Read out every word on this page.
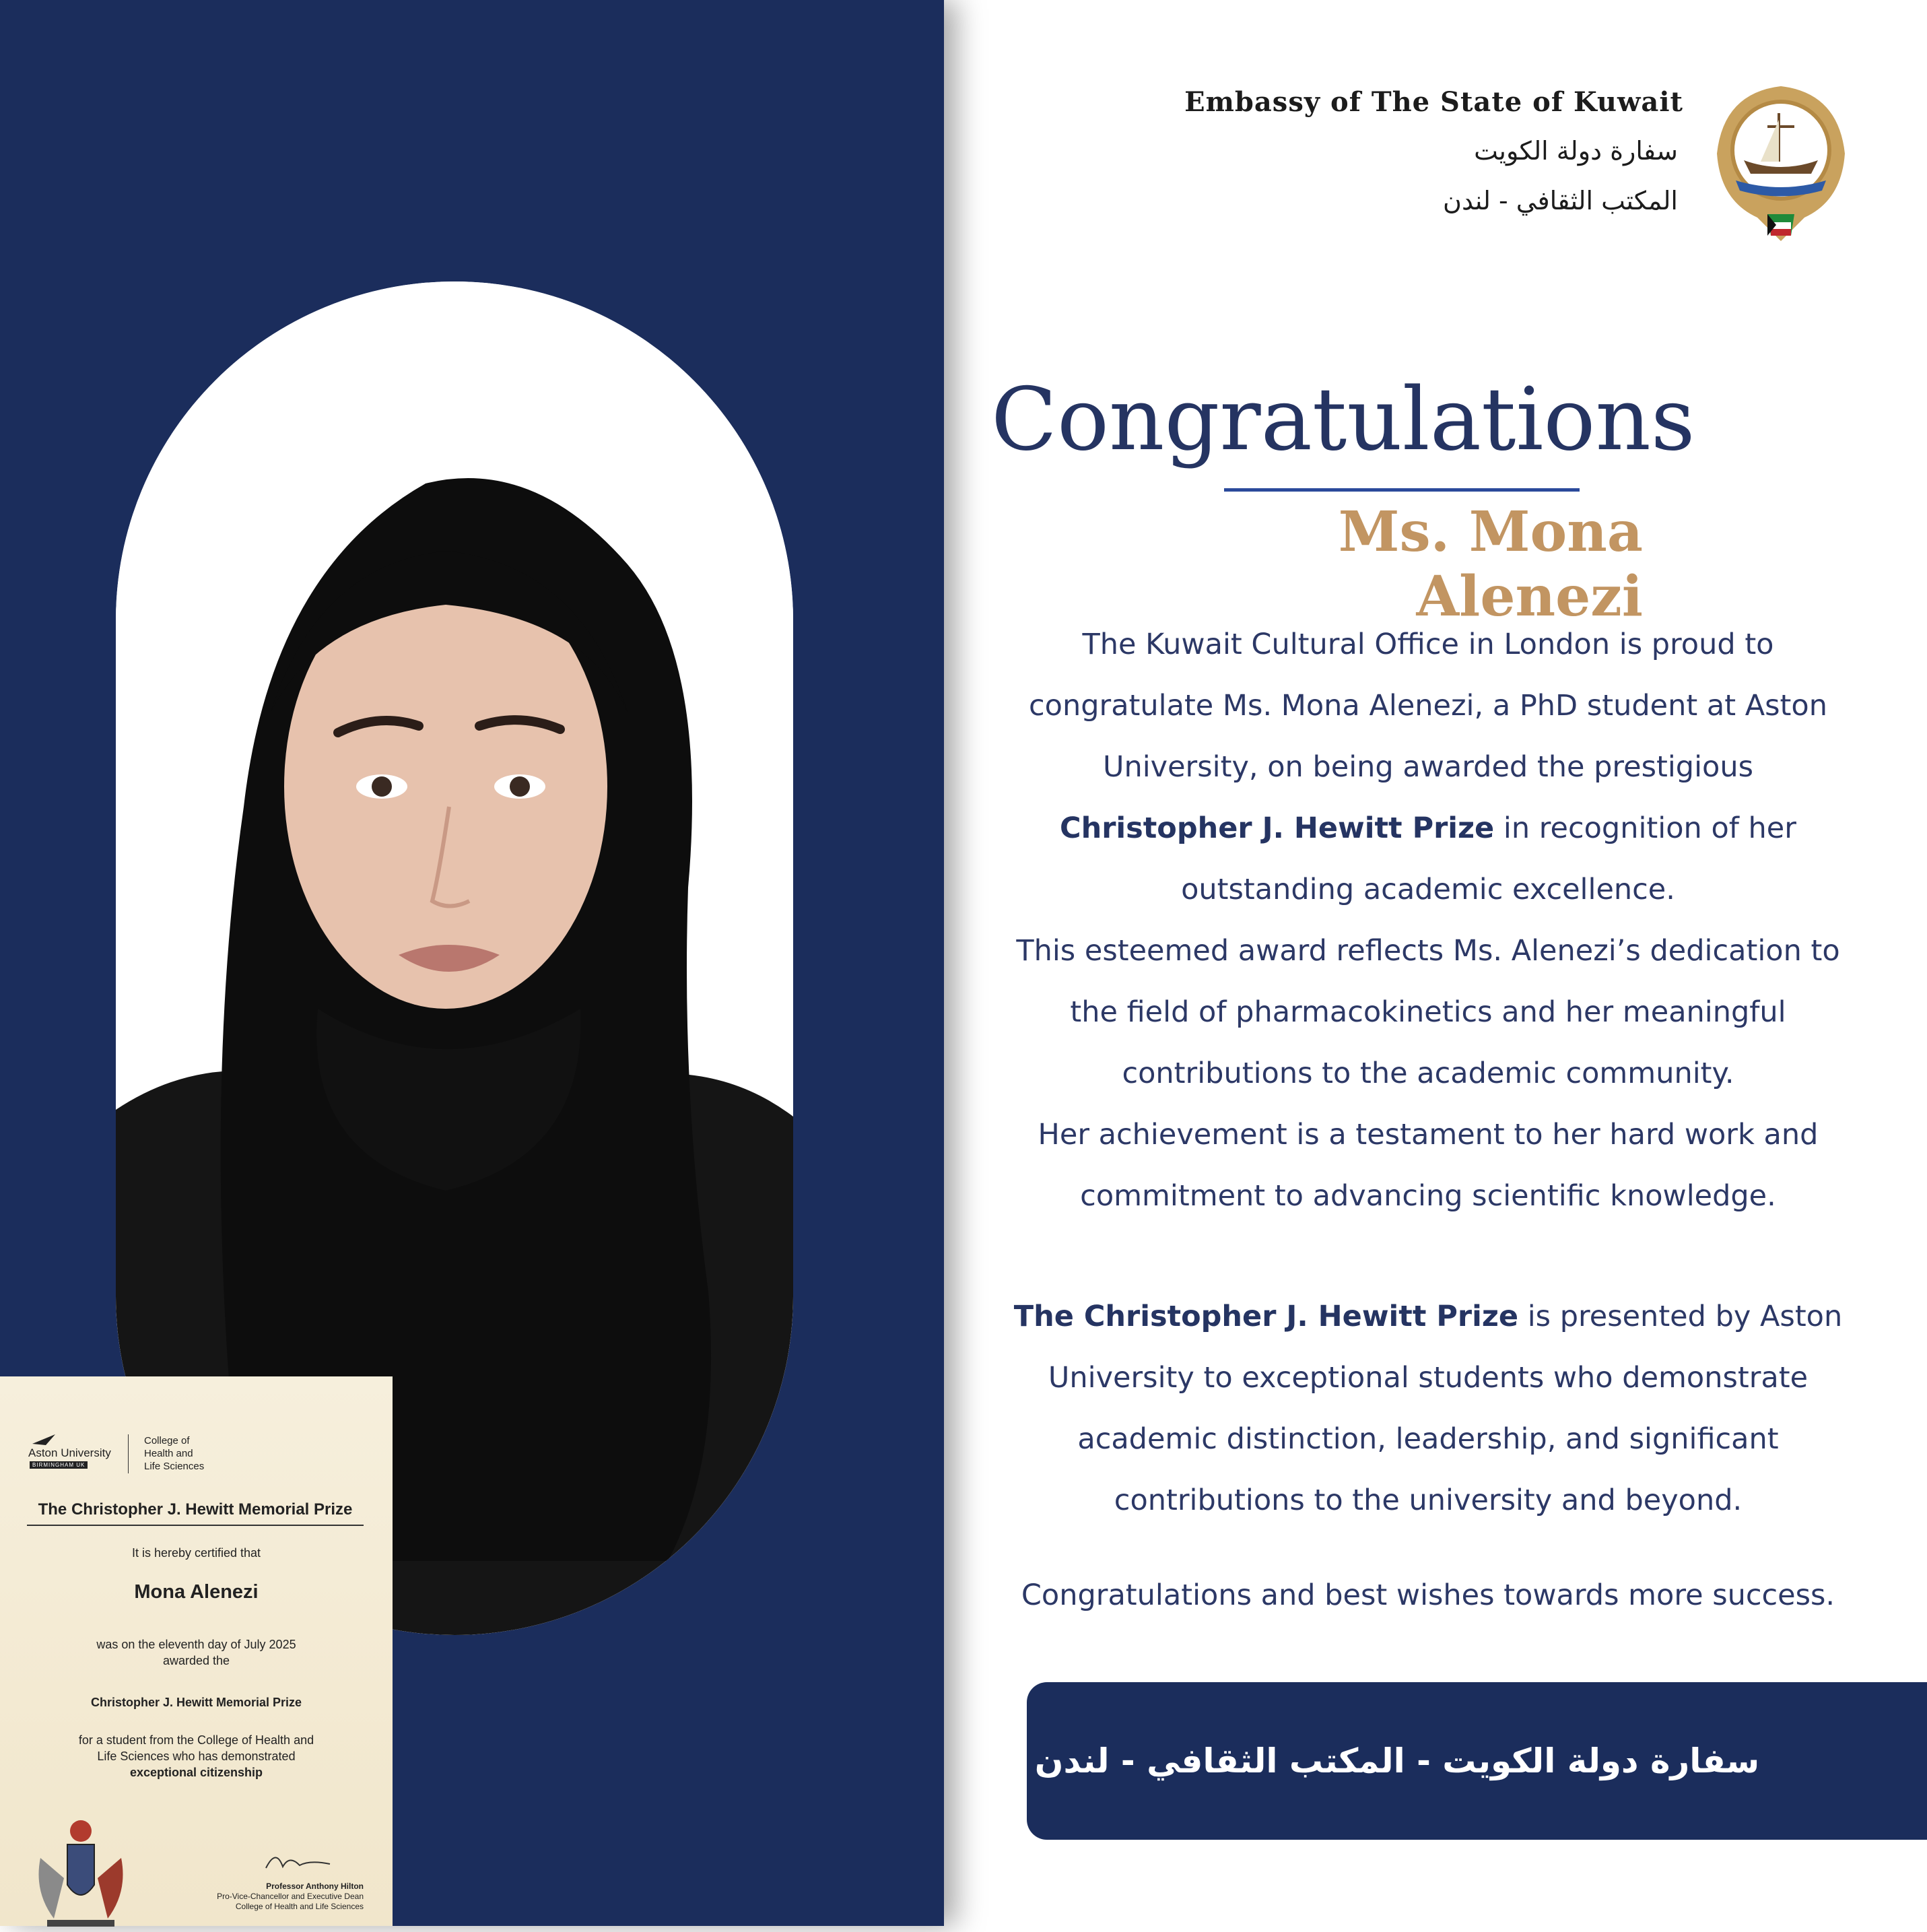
Aston University
BIRMINGHAM UK
College of
Health and
Life Sciences
The Christopher J. Hewitt Memorial Prize
It is hereby certified that
Mona Alenezi
was on the eleventh day of July 2025
awarded the
Christopher J. Hewitt Memorial Prize
for a student from the College of Health and
Life Sciences who has demonstrated
exceptional citizenship
Professor Anthony Hilton
Pro-Vice-Chancellor and Executive Dean
College of Health and Life Sciences
Embassy of The State of Kuwait
سفارة دولة الكويت
المكتب الثقافي - لندن
Congratulations
Ms. Mona Alenezi
The Kuwait Cultural Office in London is proud to
congratulate Ms. Mona Alenezi, a PhD student at Aston
University, on being awarded the prestigious
Christopher J. Hewitt Prize in recognition of her
outstanding academic excellence.
This esteemed award reflects Ms. Alenezi’s dedication to
the field of pharmacokinetics and her meaningful
contributions to the academic community.
Her achievement is a testament to her hard work and
commitment to advancing scientific knowledge.
The Christopher J. Hewitt Prize is presented by Aston
University to exceptional students who demonstrate
academic distinction, leadership, and significant
contributions to the university and beyond.
Congratulations and best wishes towards more success.
سفارة دولة الكويت - المكتب الثقافي - لندن
